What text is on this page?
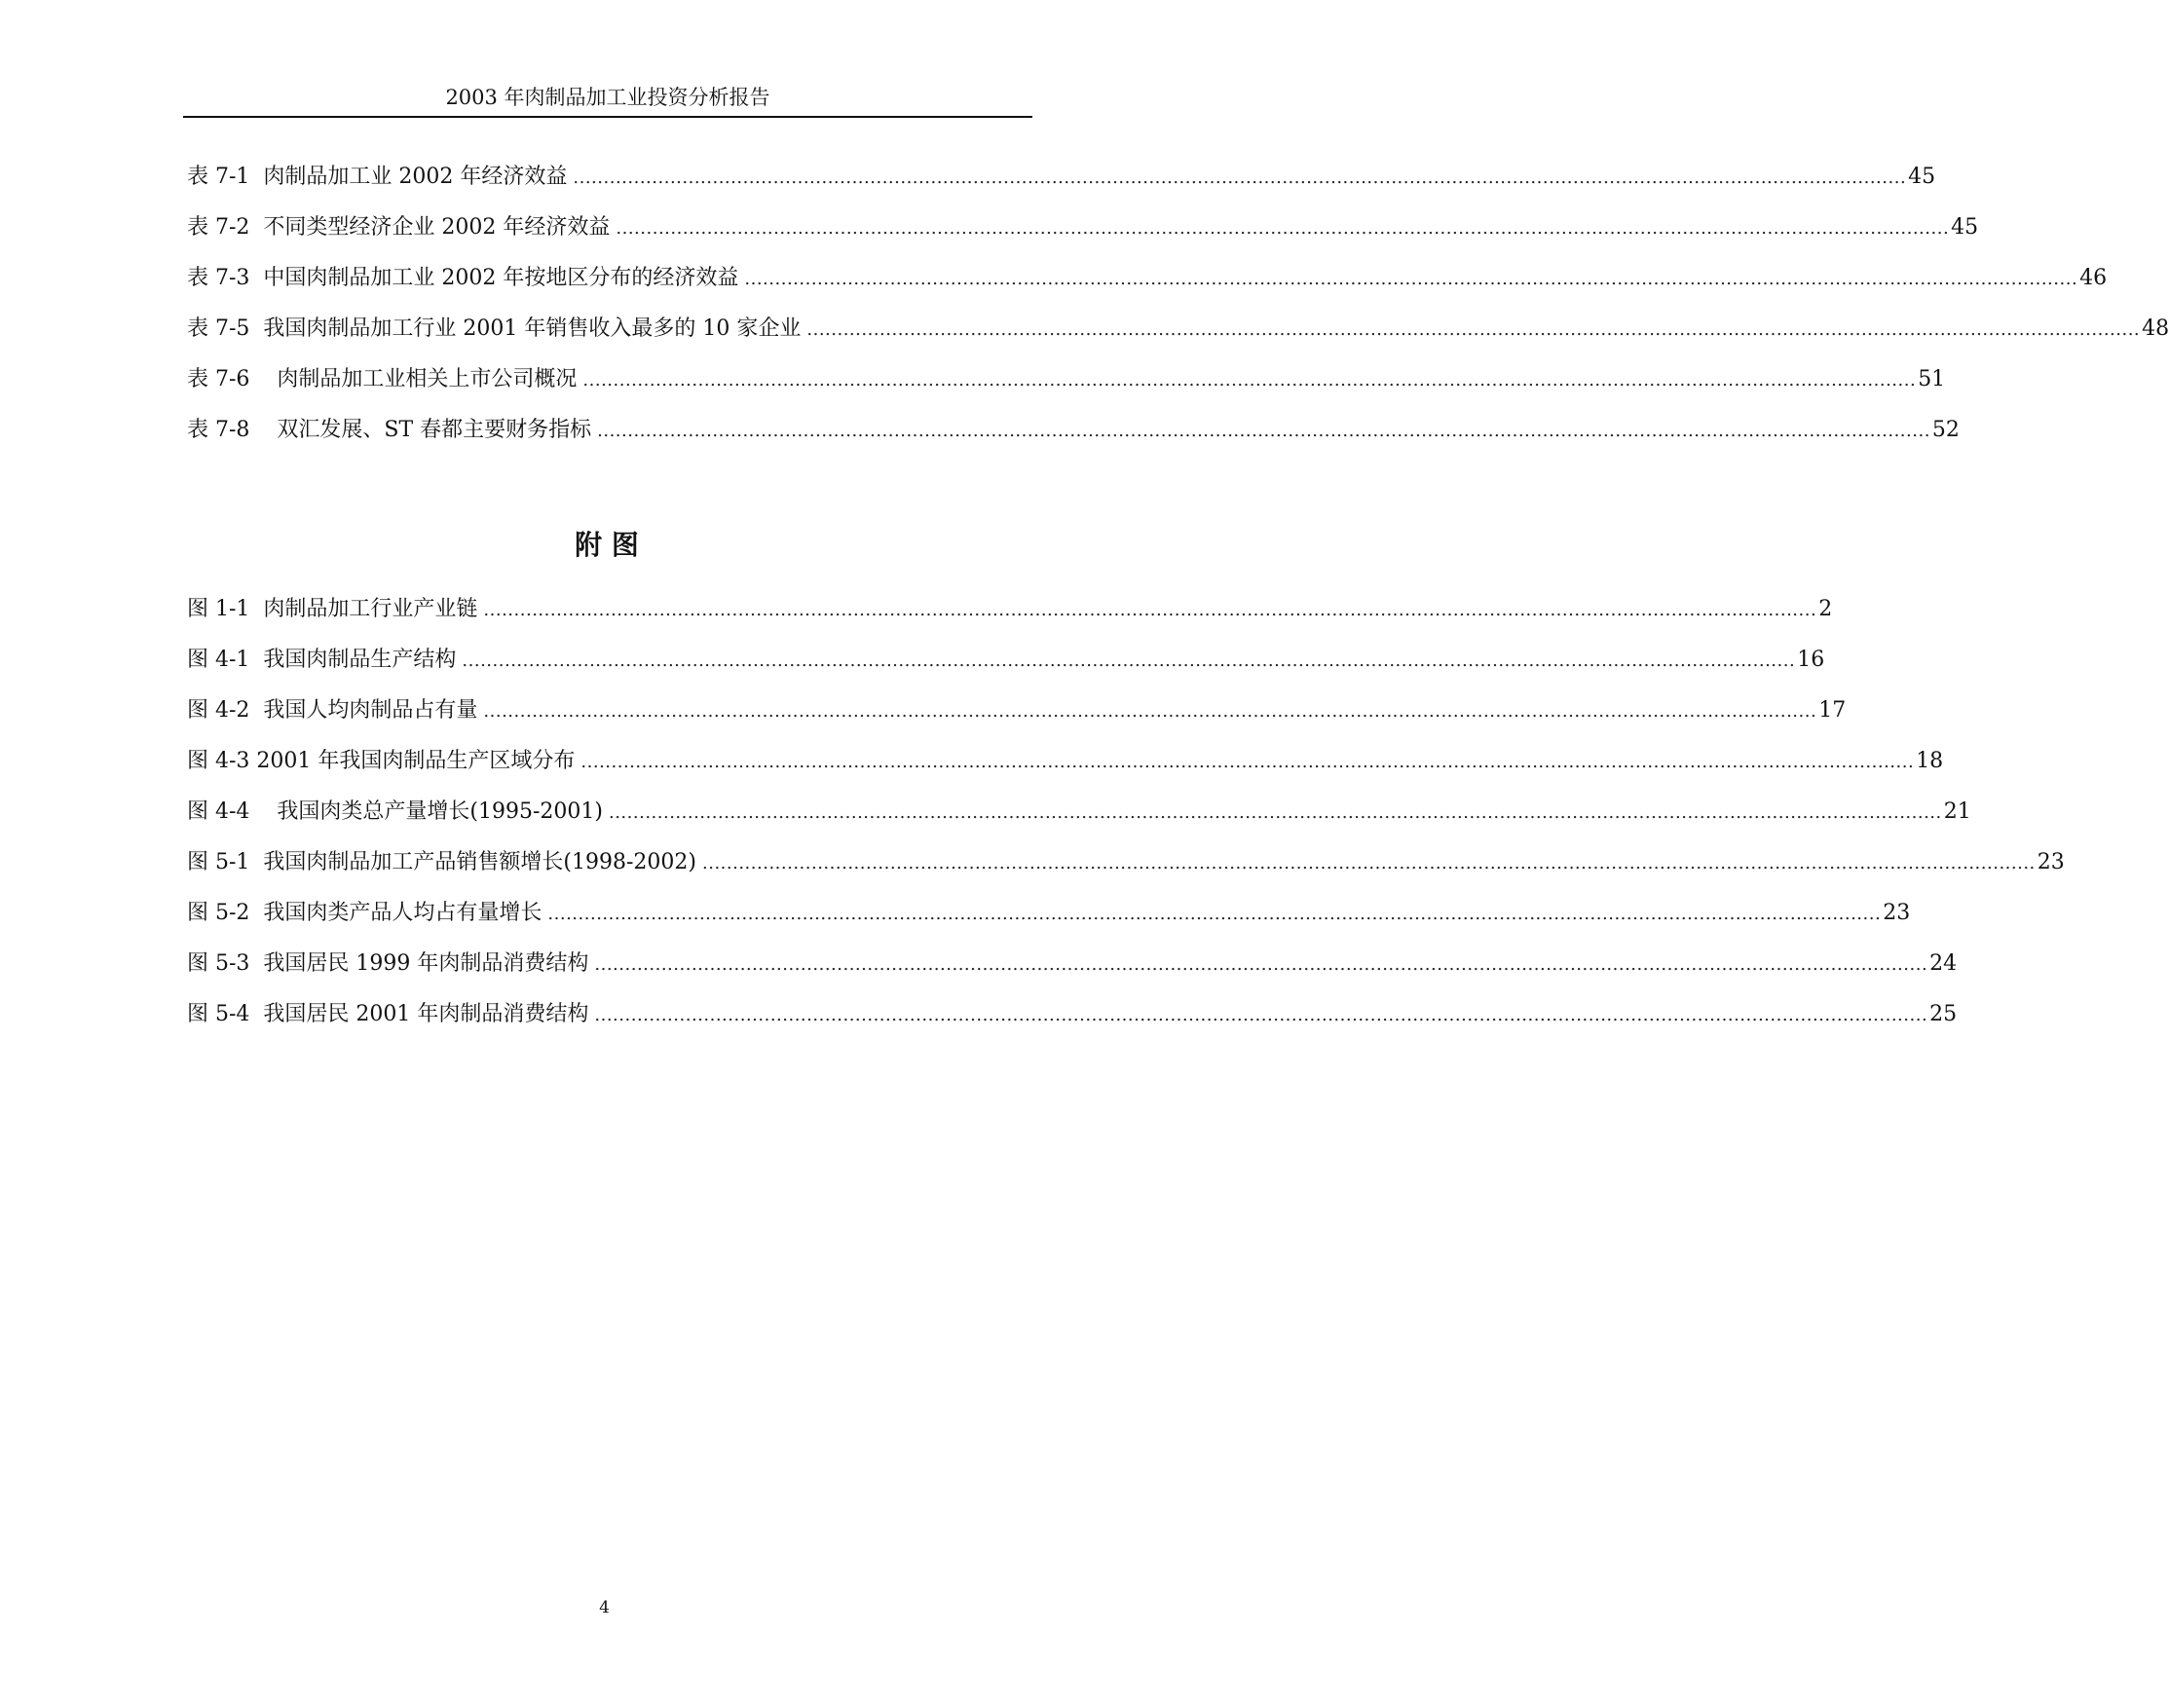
2003 年肉制品加工业投资分析报告
表 7-1  肉制品加工业 2002 年经济效益 ............................................................................................................................................................................................................................ 45
表 7-2  不同类型经济企业 2002 年经济效益 ............................................................................................................................................................................................................................ 45
表 7-3  中国肉制品加工业 2002 年按地区分布的经济效益 ............................................................................................................................................................................................................................ 46
表 7-5  我国肉制品加工行业 2001 年销售收入最多的 10 家企业 ............................................................................................................................................................................................................................ 48
表 7-6    肉制品加工业相关上市公司概况 ............................................................................................................................................................................................................................ 51
表 7-8    双汇发展、ST 春都主要财务指标 ............................................................................................................................................................................................................................ 52
附 图
图 1-1  肉制品加工行业产业链 ............................................................................................................................................................................................................................ 2
图 4-1  我国肉制品生产结构 ............................................................................................................................................................................................................................ 16
图 4-2  我国人均肉制品占有量 ............................................................................................................................................................................................................................ 17
图 4-3 2001 年我国肉制品生产区域分布 ............................................................................................................................................................................................................................ 18
图 4-4    我国肉类总产量增长(1995-2001) ............................................................................................................................................................................................................................ 21
图 5-1  我国肉制品加工产品销售额增长(1998-2002) ............................................................................................................................................................................................................................ 23
图 5-2  我国肉类产品人均占有量增长 ............................................................................................................................................................................................................................ 23
图 5-3  我国居民 1999 年肉制品消费结构 ............................................................................................................................................................................................................................ 24
图 5-4  我国居民 2001 年肉制品消费结构 ............................................................................................................................................................................................................................ 25
4
